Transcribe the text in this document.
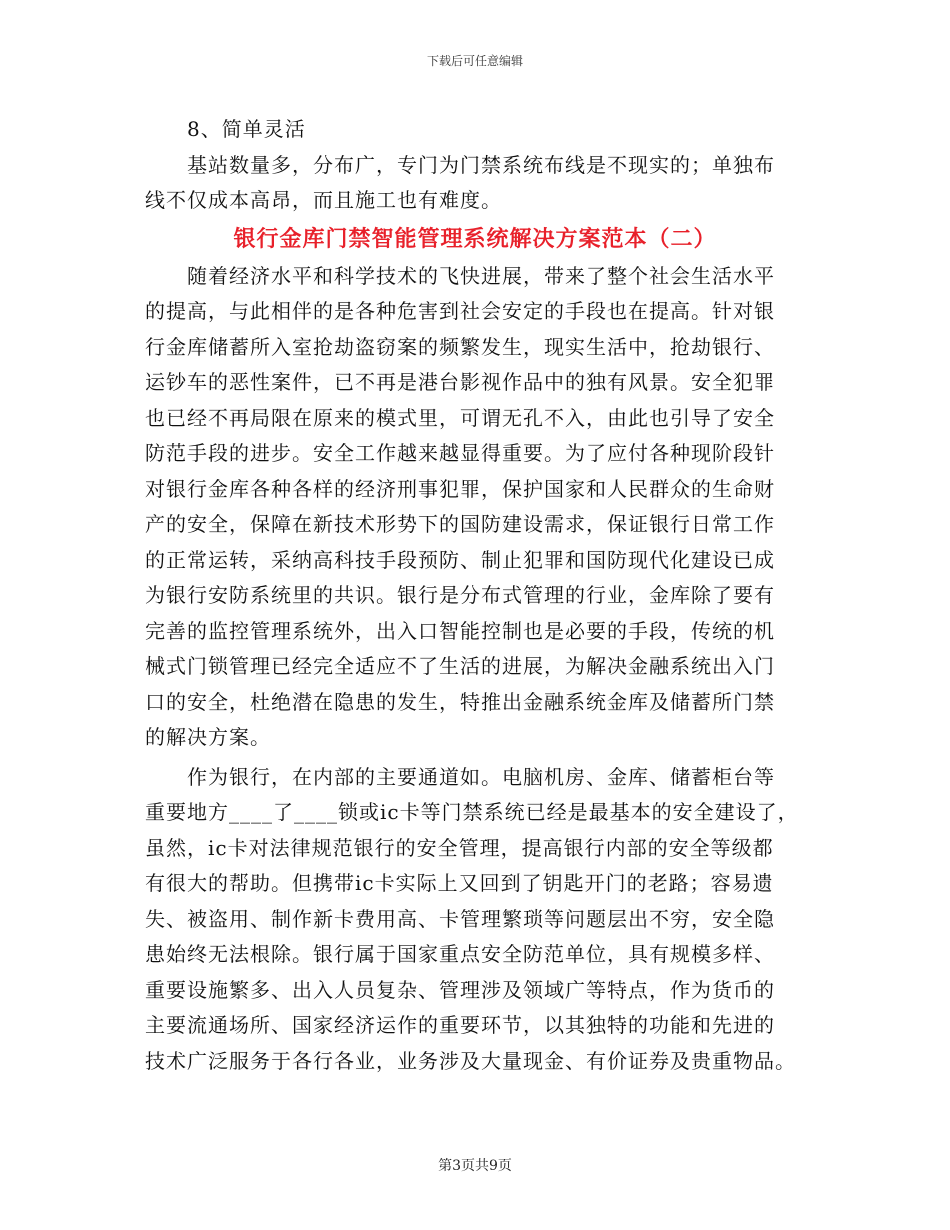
下载后可任意编辑
8、简单灵活
基站数量多，分布广，专门为门禁系统布线是不现实的；单独布
线不仅成本高昂，而且施工也有难度。
银行金库门禁智能管理系统解决方案范本（二）
随着经济水平和科学技术的飞快进展，带来了整个社会生活水平
的提高，与此相伴的是各种危害到社会安定的手段也在提高。针对银
行金库储蓄所入室抢劫盗窃案的频繁发生，现实生活中，抢劫银行、
运钞车的恶性案件，已不再是港台影视作品中的独有风景。安全犯罪
也已经不再局限在原来的模式里，可谓无孔不入，由此也引导了安全
防范手段的进步。安全工作越来越显得重要。为了应付各种现阶段针
对银行金库各种各样的经济刑事犯罪，保护国家和人民群众的生命财
产的安全，保障在新技术形势下的国防建设需求，保证银行日常工作
的正常运转，采纳高科技手段预防、制止犯罪和国防现代化建设已成
为银行安防系统里的共识。银行是分布式管理的行业，金库除了要有
完善的监控管理系统外，出入口智能控制也是必要的手段，传统的机
械式门锁管理已经完全适应不了生活的进展，为解决金融系统出入门
口的安全，杜绝潜在隐患的发生，特推出金融系统金库及储蓄所门禁
的解决方案。
作为银行，在内部的主要通道如。电脑机房、金库、储蓄柜台等
重要地方____了____锁或ic卡等门禁系统已经是最基本的安全建设了，
虽然，ic卡对法律规范银行的安全管理，提高银行内部的安全等级都
有很大的帮助。但携带ic卡实际上又回到了钥匙开门的老路；容易遗
失、被盗用、制作新卡费用高、卡管理繁琐等问题层出不穷，安全隐
患始终无法根除。银行属于国家重点安全防范单位，具有规模多样、
重要设施繁多、出入人员复杂、管理涉及领域广等特点，作为货币的
主要流通场所、国家经济运作的重要环节，以其独特的功能和先进的
技术广泛服务于各行各业，业务涉及大量现金、有价证券及贵重物品。
第3页共9页
